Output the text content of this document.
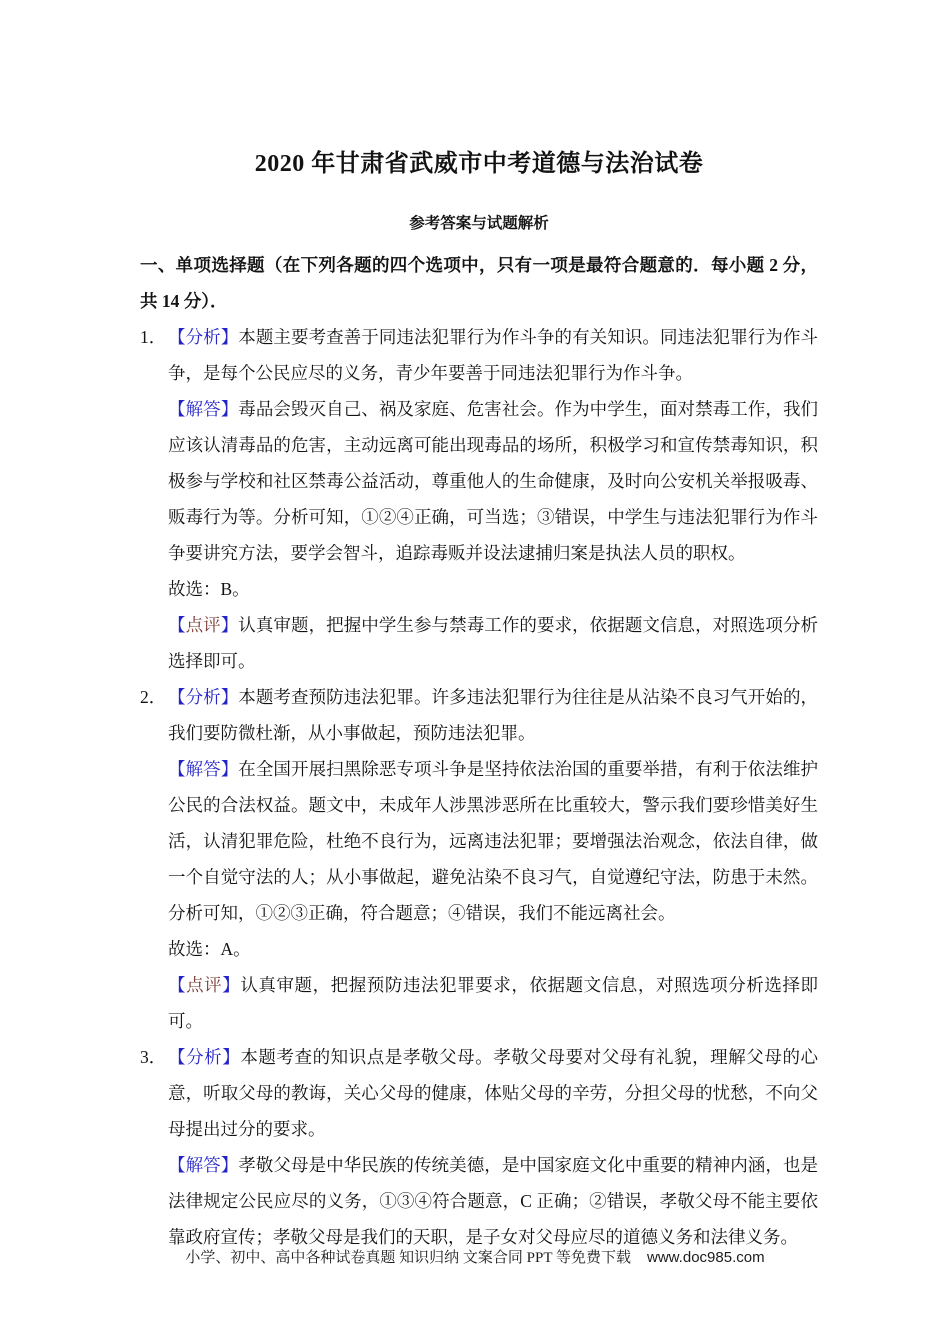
2020 年甘肃省武威市中考道德与法治试卷
参考答案与试题解析

一、单项选择题（在下列各题的四个选项中，只有一项是最符合题意的．每小题 2 分，共 14 分）．

1． 【分析】本题主要考查善于同违法犯罪行为作斗争的有关知识。同违法犯罪行为作斗争，是每个公民应尽的义务，青少年要善于同违法犯罪行为作斗争。

【解答】毒品会毁灭自己、祸及家庭、危害社会。作为中学生，面对禁毒工作，我们应该认清毒品的危害，主动远离可能出现毒品的场所，积极学习和宣传禁毒知识，积极参与学校和社区禁毒公益活动，尊重他人的生命健康，及时向公安机关举报吸毒、贩毒行为等。分析可知，①②④正确，可当选；③错误，中学生与违法犯罪行为作斗争要讲究方法，要学会智斗，追踪毒贩并设法逮捕归案是执法人员的职权。

故选：B。

【点评】认真审题，把握中学生参与禁毒工作的要求，依据题文信息，对照选项分析选择即可。

2． 【分析】本题考查预防违法犯罪。许多违法犯罪行为往往是从沾染不良习气开始的，我们要防微杜渐，从小事做起，预防违法犯罪。

【解答】在全国开展扫黑除恶专项斗争是坚持依法治国的重要举措，有利于依法维护公民的合法权益。题文中，未成年人涉黑涉恶所在比重较大，警示我们要珍惜美好生活，认清犯罪危险，杜绝不良行为，远离违法犯罪；要增强法治观念，依法自律，做一个自觉守法的人；从小事做起，避免沾染不良习气，自觉遵纪守法，防患于未然。分析可知，①②③正确，符合题意；④错误，我们不能远离社会。

故选：A。

【点评】认真审题，把握预防违法犯罪要求，依据题文信息，对照选项分析选择即可。

3． 【分析】本题考查的知识点是孝敬父母。孝敬父母要对父母有礼貌，理解父母的心意，听取父母的教诲，关心父母的健康，体贴父母的辛劳，分担父母的忧愁，不向父母提出过分的要求。

【解答】孝敬父母是中华民族的传统美德，是中国家庭文化中重要的精神内涵，也是法律规定公民应尽的义务，①③④符合题意，C 正确；②错误，孝敬父母不能主要依靠政府宣传；孝敬父母是我们的天职，是子女对父母应尽的道德义务和法律义务。

小学、初中、高中各种试卷真题 知识归纳 文案合同 PPT 等免费下载 www.doc985.com
